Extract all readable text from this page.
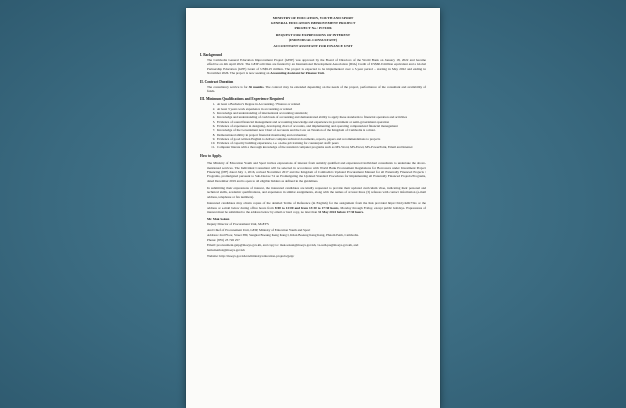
MINISTRY OF EDUCATION, YOUTH AND SPORT
GENERAL EDUCATION IMPROVEMENT PROJECT
PROJECT No.: P174306
REQUEST FOR EXPRESSIONS OF INTEREST
(INDIVIDUAL CONSULTANT)
ACCOUNTANT ASSISTANT FOR FINANCE UNIT
I. Background
The Cambodia General Education Improvement Project (GEIP) was approved by the Board of Directors of the World Bank on January 18, 2022 and became effective on 4th April 2022. The GEIP activities are funded by an International Development Association (IDA) Credit of US$60.0 million equivalent and a Global Partnership Education (GPE) Grant of US$9.25 million. The project is expected to be implemented over a 5-year period – starting in May 2022 and ending in November 2026. The project is now seeking an Accounting Assistant for Finance Unit.
II. Contract Duration
The consultancy service is for 36 months. The contract may be extended depending on the needs of the project, performance of the consultant and availability of funds.
III. Minimum Qualifications and Experience Required
1. At least a Bachelor's Degree in Accounting / Finance or related
2. At least 3 years work experience in accounting or related
3. Knowledge and understanding of international accounting standards;
4. Knowledge and understanding of cash basis of accounting and demonstrated ability to apply these standards to financial operation and activities
5. Evidence of sound financial management and accounting knowledge and experience in government or semi-government operation
6. Evidence of experience in designing, developing chart of accounts, and implementing and operating computerized financial management
7. Knowledge of the Government new Chart of Accounts and the Law on Taxation of the Kingdom of Cambodia is a must.
8. Demonstrated ability in project financial monitoring and evaluation;
9. Evidence of good written English to deliver complex technical documents, reports, papers and recommendations to projects
10. Evidence of capacity building experience, i.e. on-the-job training for counterpart staff/ peers
11. Computer literate with a thorough knowledge of the standard computer programs such as MS-Word, MS-Excel, MS-PowerPoint, Email and Internet
How to Apply.
The Ministry of Education Youth and Sport invites expressions of interest from suitably qualified and experienced individual consultants to undertake the above-mentioned services. The Individual Consultant will be selected in accordance with World Bank Procurement Regulations for Borrowers under Investment Project Financing (IPF) dated July 1, 2016, revised November 2017 and the Kingdom of Cambodia's Updated Procurement Manual for all Externally Financed Projects / Programs, promulgated pursuant to Sub-Decree 74 on Promulgating the Updated Standard Procedures for Implementing all Externally Financed Projects/Programs, dated December 2019 and is open to all eligible bidders as defined in the guidelines.
In submitting their expressions of interest, the interested candidates are kindly requested to provide their updated curriculum vitae, indicating their personal and technical skills, academic qualifications, and experience in similar assignments, along with the names of at least three (3) referees with contact information (e-mail address, telephone or fax numbers).
Interested candidates may obtain copies of the detailed Terms of Reference (in English) for the assignment from the link provided https://bit.ly/4dK73xs or the address or e-mail below during office hours from 8:00 to 12:00 and from 13:30 to 17:30 hours, Monday through Friday, except public holidays. Expressions of interest must be submitted to the address below by email or hard copy, no later than 31 May 2024 before 17:30 hours.
Mr. Mak Sokun
Deputy Director of Procurement Unit, MoEYS
And Chief of Procurement Unit, GEIP, Ministry of Education Youth and Sport
Address: 2nd Floor, Street 380, Sangkat Boeung Keng Kang I, Khan Boeung Keng Kang, Phnom Penh, Cambodia.
Phone: (855) 23 726 257
Email: procurement.geip@moeys.gov.kh, and copy to: mak.sokun@moeys.gov.kh, va.sath.pu@moeys.gov.kh, and
ham.menhol@moeys.gov.kh
Website: http://moeys.gov.kh/en/ministry/education-projects/geip/
